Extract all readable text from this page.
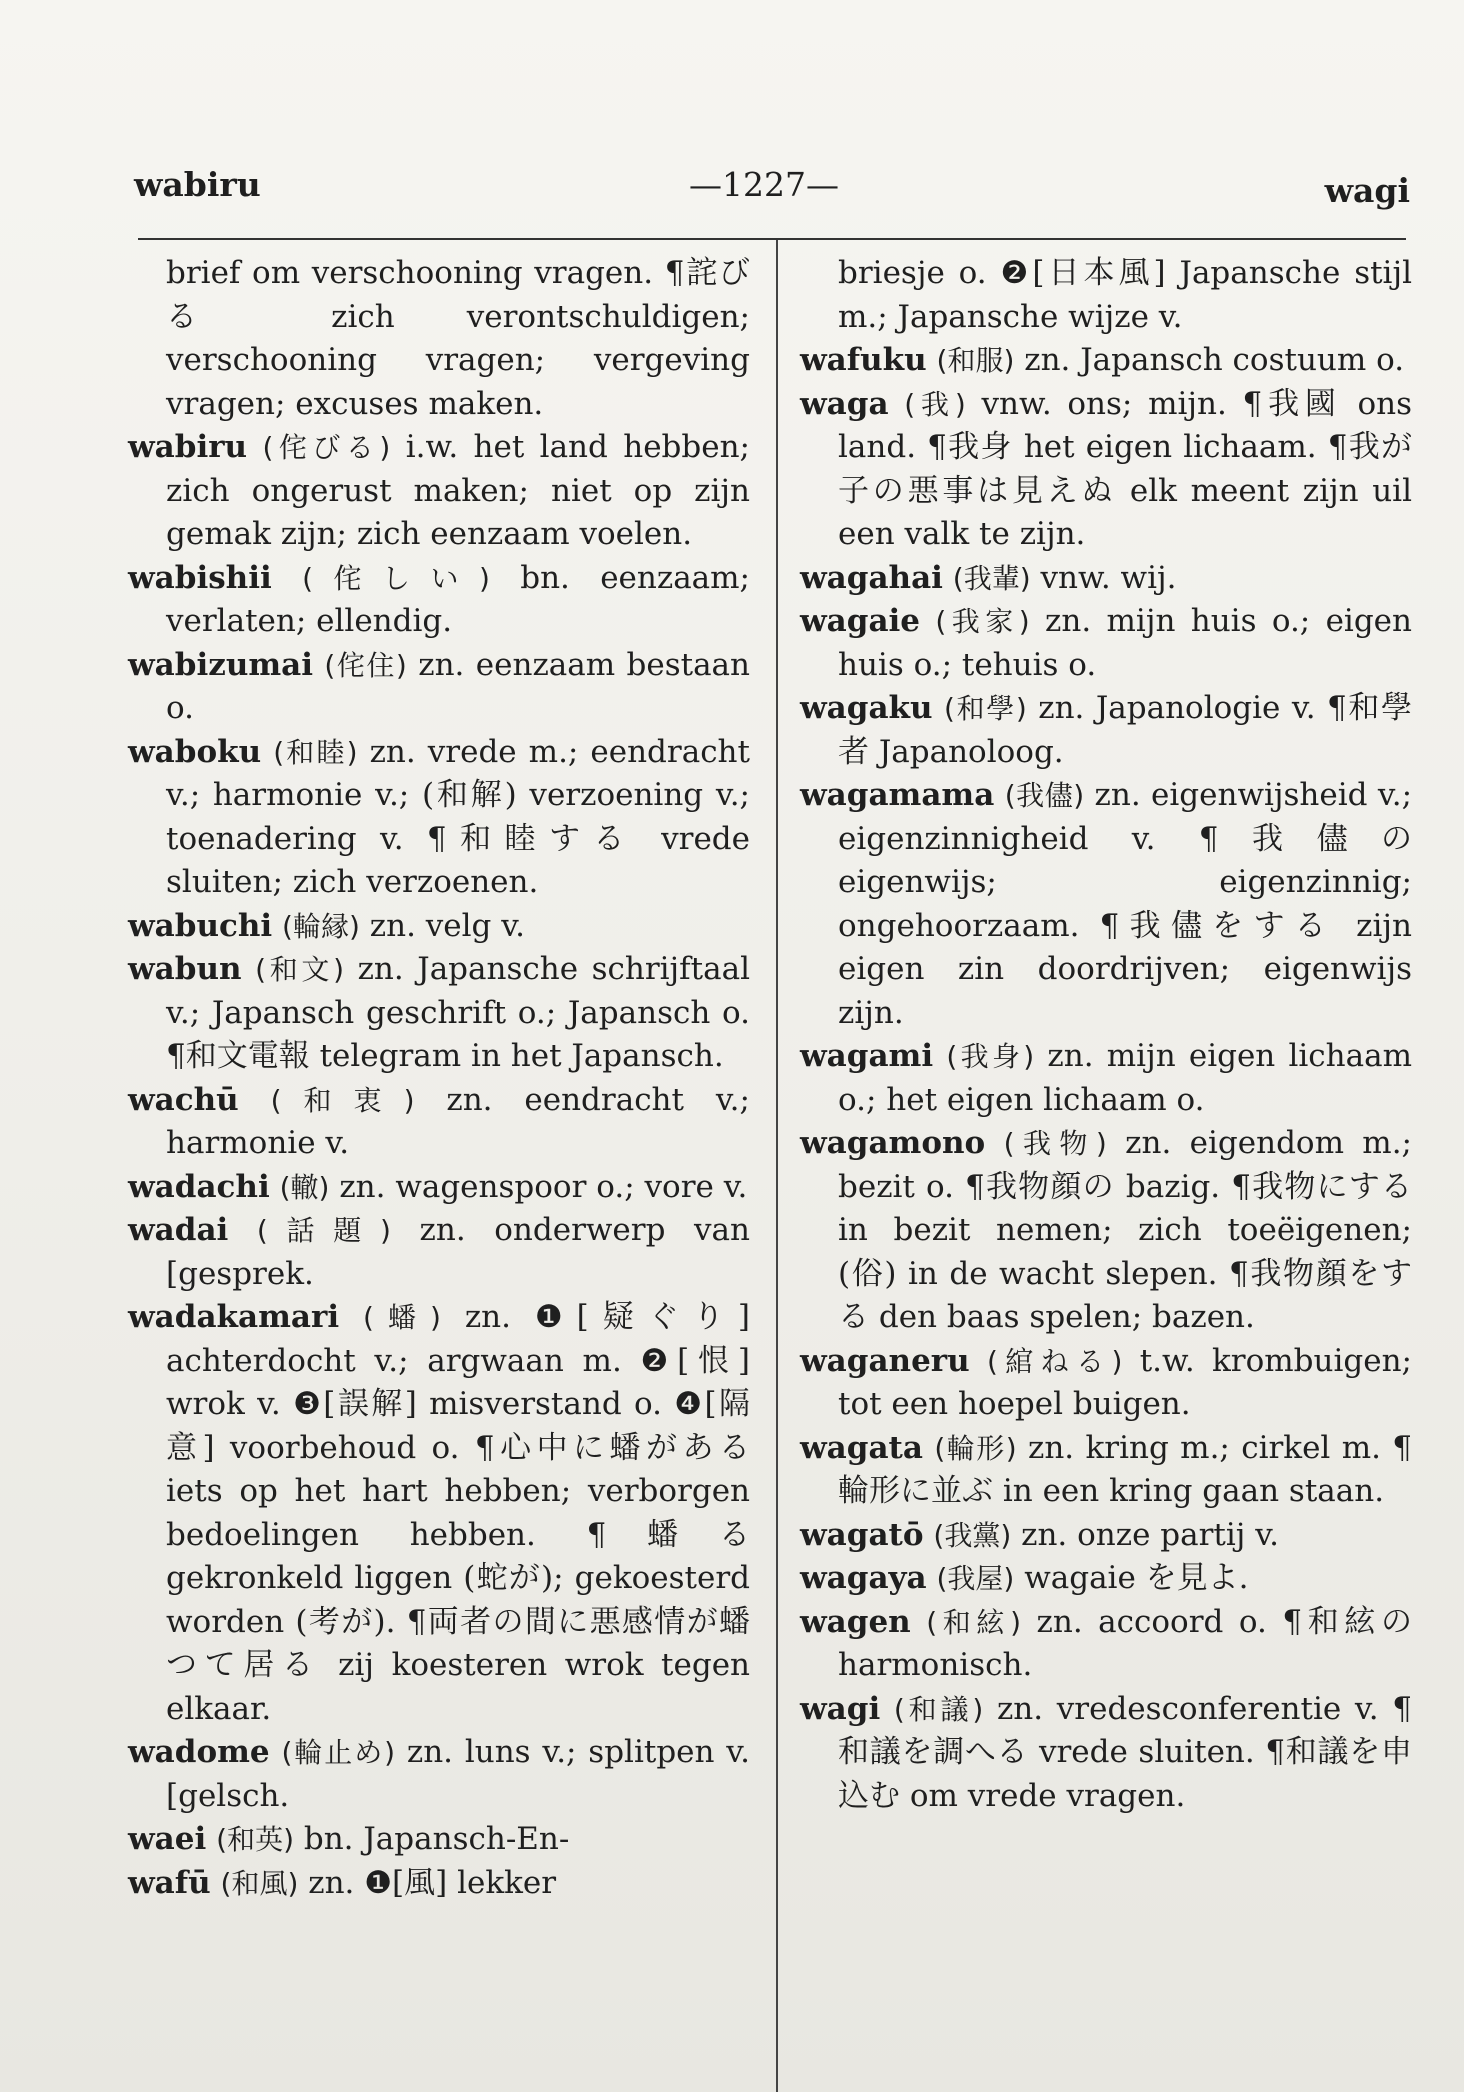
wabiru	—1227—	wagi

brief om verschooning vragen. ¶詫びる zich verontschuldigen; verschooning vragen; vergeving vragen; excuses maken.

wabiru (侘びる) i.w. het land hebben; zich ongerust maken; niet op zijn gemak zijn; zich eenzaam voelen.

wabishii (侘しい) bn. eenzaam; verlaten; ellendig.

wabizumai (侘住) zn. eenzaam bestaan o.

waboku (和睦) zn. vrede m.; eendracht v.; harmonie v.; (和解) verzoening v.; toenadering v. ¶和睦する vrede sluiten; zich verzoenen.

wabuchi (輪縁) zn. velg v.

wabun (和文) zn. Japansche schrijftaal v.; Japansch geschrift o.; Japansch o. ¶和文電報 telegram in het Japansch.

wachū (和衷) zn. eendracht v.; harmonie v.

wadachi (轍) zn. wagenspoor o.; vore v.

wadai (話題) zn. onderwerp van [gesprek.

wadakamari (蟠) zn. ❶[疑ぐり] achterdocht v.; argwaan m. ❷[恨] wrok v. ❸[誤解] misverstand o. ❹[隔意] voorbehoud o. ¶心中に蟠がある iets op het hart hebben; verborgen bedoelingen hebben. ¶蟠る gekronkeld liggen (蛇が); gekoesterd worden (考が). ¶両者の間に悪感情が蟠つて居る zij koesteren wrok tegen elkaar.

wadome (輪止め) zn. luns v.; splitpen v. [gelsch.

waei (和英) bn. Japansch-En-

wafū (和風) zn. ❶[風] lekker

briesje o. ❷[日本風] Japansche stijl m.; Japansche wijze v.

wafuku (和服) zn. Japansch costuum o.

waga (我) vnw. ons; mijn. ¶我國 ons land. ¶我身 het eigen lichaam. ¶我が子の悪事は見えぬ elk meent zijn uil een valk te zijn.

wagahai (我輩) vnw. wij.

wagaie (我家) zn. mijn huis o.; eigen huis o.; tehuis o.

wagaku (和學) zn. Japanologie v. ¶和學者 Japanoloog.

wagamama (我儘) zn. eigenwijsheid v.; eigenzinnigheid v. ¶我儘の eigenwijs; eigenzinnig; ongehoorzaam. ¶我儘をする zijn eigen zin doordrijven; eigenwijs zijn.

wagami (我身) zn. mijn eigen lichaam o.; het eigen lichaam o.

wagamono (我物) zn. eigendom m.; bezit o. ¶我物顔の bazig. ¶我物にする in bezit nemen; zich toeëigenen; (俗) in de wacht slepen. ¶我物顔をする den baas spelen; bazen.

waganeru (綰ねる) t.w. krombuigen; tot een hoepel buigen.

wagata (輪形) zn. kring m.; cirkel m. ¶輪形に並ぶ in een kring gaan staan.

wagatō (我黨) zn. onze partij v.

wagaya (我屋) wagaie を見よ.

wagen (和絃) zn. accoord o. ¶和絃の harmonisch.

wagi (和議) zn. vredesconferentie v. ¶和議を調へる vrede sluiten. ¶和議を申込む om vrede vragen.
